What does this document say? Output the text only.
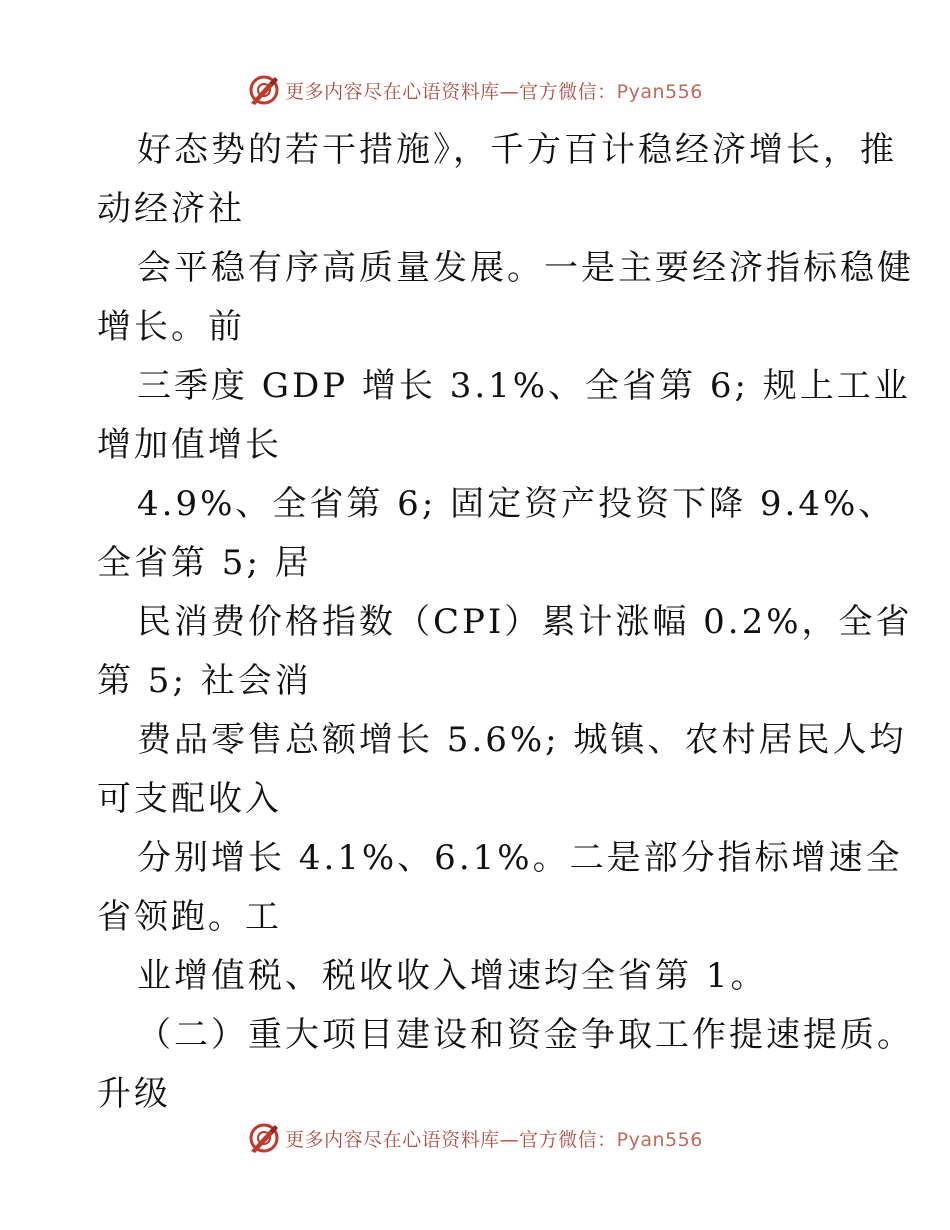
更多内容尽在心语资料库—官方微信：Pyan556
好态势的若干措施》，千方百计稳经济增长，推
动经济社
会平稳有序高质量发展。一是主要经济指标稳健
增长。前
三季度 GDP 增长 3.1%、全省第 6; 规上工业
增加值增长
4.9%、全省第 6; 固定资产投资下降 9.4%、
全省第 5; 居
民消费价格指数（CPI）累计涨幅 0.2%，全省
第 5; 社会消
费品零售总额增长 5.6%; 城镇、农村居民人均
可支配收入
分别增长 4.1%、6.1%。二是部分指标增速全
省领跑。工
业增值税、税收收入增速均全省第 1。
（二）重大项目建设和资金争取工作提速提质。
升级
更多内容尽在心语资料库—官方微信：Pyan556
